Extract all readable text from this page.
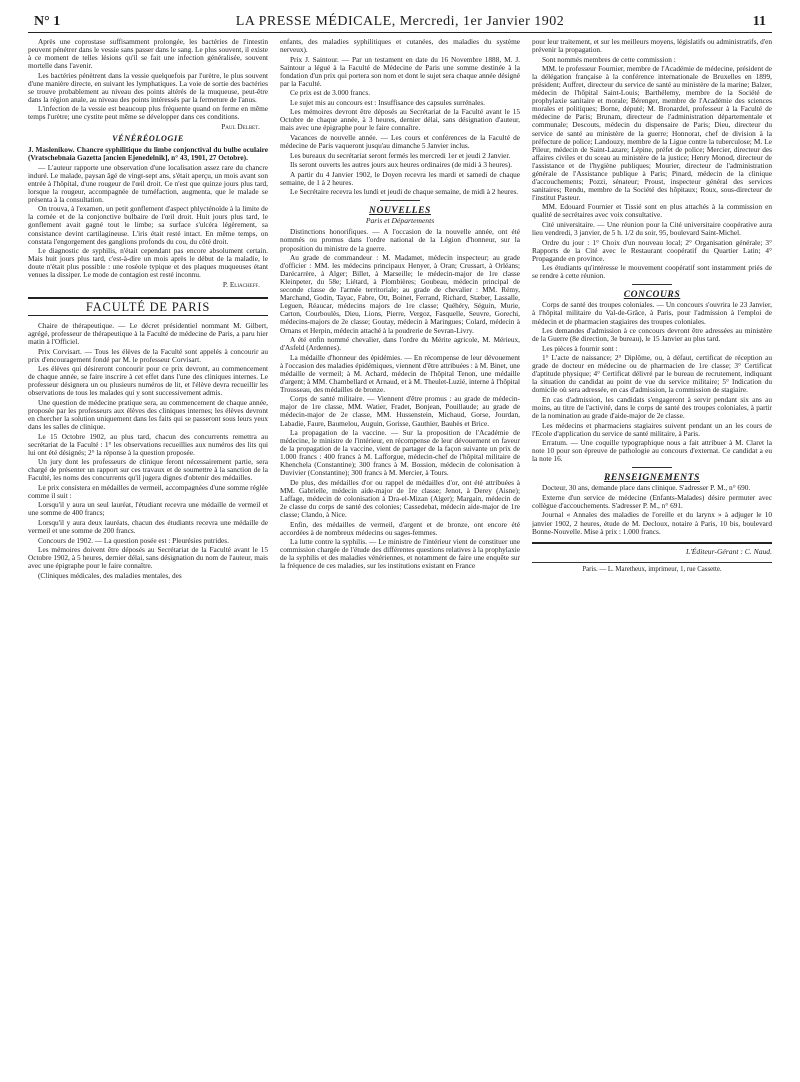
N° 1	LA PRESSE MÉDICALE, Mercredi, 1er Janvier 1902	11

Après une coprostase suffisamment prolongée, les bactéries de l'intestin peuvent pénétrer dans le vessie sans passer dans le sang. Le plus souvent, il existe à ce moment de telles lésions qu'il se fait une infection généralisée, souvent mortelle dans l'avenir.

Les bactéries pénètrent dans la vessie quelquefois par l'urètre, le plus souvent d'une manière directe, en suivant les lymphatiques. La voie de sortie des bactéries se trouve probablement au niveau des points altérés de la muqueuse, peut-être dans la région anale, au niveau des points intéressés par la fermeture de l'anus.

L'infection de la vessie est beaucoup plus fréquente quand on ferme en même temps l'urètre; une cystite peut même se développer dans ces conditions.

Paul Delbet.
VÉNÉRÉOLOGIE

J. Maslenikow. Chancre syphilitique du limbe conjonctival du bulbe oculaire (Vratschebnaia Gazetta [ancien Ejenedelnik], n° 43, 1901, 27 Octobre).

— L'auteur rapporte une observation d'une localisation assez rare du chancre induré. Le malade, paysan âgé de vingt-sept ans, s'était aperçu, un mois avant son entrée à l'hôpital, d'une rougeur de l'œil droit. Ce n'est que quinze jours plus tard, lorsque la rougeur, accompagnée de tuméfaction, augmenta, que le malade se présenta à la consultation.

On trouva, à l'examen, un petit gonflement d'aspect phlycténoïde à la limite de la cornée et de la conjonctive bulbaire de l'œil droit. Huit jours plus tard, le gonflement avait gagné tout le limbe; sa surface s'ulcéra légèrement, sa consistance devint cartilagineuse. L'iris était resté intact. En même temps, on constata l'engorgement des ganglions profonds du cou, du côté droit.

Le diagnostic de syphilis, n'était cependant pas encore absolument certain. Mais huit jours plus tard, c'est-à-dire un mois après le début de la maladie, le doute n'était plus possible : une roséole typique et des plaques muqueuses étant venues la dissiper. Le mode de contagion est resté inconnu.

P. Eliacheff.
FACULTÉ DE PARIS

Chaire de thérapeutique. — Le décret présidentiel nommant M. Gilbert, agrégé, professeur de thérapeutique à la Faculté de médecine de Paris, a paru hier matin à l'Officiel.

Prix Corvisart. — Tous les élèves de la Faculté sont appelés à concourir au prix d'encouragement fondé par M. le professeur Corvisart.

Les élèves qui désireront concourir pour ce prix devront, au commencement de chaque année, se faire inscrire à cet effet dans l'une des cliniques internes. Le professeur désignera un ou plusieurs numéros de lit, et l'élève devra recueillir les observations de tous les malades qui y sont successivement admis.

Une question de médecine pratique sera, au commencement de chaque année, proposée par les professeurs aux élèves des cliniques internes; les élèves devront en chercher la solution uniquement dans les faits qui se passeront sous leurs yeux dans les salles de clinique.

Le 15 Octobre 1902, au plus tard, chacun des concurrents remettra au secrétariat de la Faculté : 1° les observations recueillies aux numéros des lits qui lui ont été désignés; 2° la réponse à la question proposée.

Un jury dont les professeurs de clinique feront nécessairement partie, sera chargé de présenter un rapport sur ces travaux et de soumettre à la sanction de la Faculté, les noms des concurrents qu'il jugera dignes d'obtenir des médailles.

Le prix consistera en médailles de vermeil, accompagnées d'une somme réglée comme il suit :

Lorsqu'il y aura un seul lauréat, l'étudiant recevra une médaille de vermeil et une somme de 400 francs;

Lorsqu'il y aura deux lauréats, chacun des étudiants recevra une médaille de vermeil et une somme de 200 francs.

Concours de 1902. — La question posée est : Pleurésies putrides.

Les mémoires doivent être déposés au Secrétariat de la Faculté avant le 15 Octobre 1902, à 5 heures, dernier délai, sans désignation du nom de l'auteur, mais avec une épigraphe pour le faire connaître.

(Cliniques médicales, des maladies mentales, des

enfants, des maladies syphilitiques et cutanées, des maladies du système nerveux).

Prix J. Saintour. — Par un testament en date du 16 Novembre 1888, M. J. Saintour a légué à la Faculté de Médecine de Paris une somme destinée à la fondation d'un prix qui portera son nom et dont le sujet sera chaque année désigné par la Faculté.

Ce prix est de 3.000 francs.

Le sujet mis au concours est : Insuffisance des capsules surrénales.

Les mémoires devront être déposés au Secrétariat de la Faculté avant le 15 Octobre de chaque année, à 3 heures, dernier délai, sans désignation d'auteur, mais avec une épigraphe pour le faire connaître.

Vacances de nouvelle année. — Les cours et conférences de la Faculté de médecine de Paris vaqueront jusqu'au dimanche 5 Janvier inclus.

Les bureaux du secrétariat seront fermés les mercredi 1er et jeudi 2 Janvier.

Ils seront ouverts les autres jours aux heures ordinaires (de midi à 3 heures).

A partir du 4 Janvier 1902, le Doyen recevra les mardi et samedi de chaque semaine, de 1 à 2 heures.

Le Secrétaire recevra les lundi et jeudi de chaque semaine, de midi à 2 heures.

NOUVELLES
Paris et Départements

Distinctions honorifiques. — A l'occasion de la nouvelle année, ont été nommés ou promus dans l'ordre national de la Légion d'honneur, sur la proposition du ministre de la guerre.

Au grade de commandeur : M. Madamet, médecin inspecteur; au grade d'officier : MM. les médecins principaux Henyer, à Oran; Crussart, à Orléans; Darécarrère, à Alger; Billet, à Marseille; le médecin-major de 1re classe Kleinpeter, du 58e; Liétard, à Plombières; Goubeau, médecin principal de seconde classe de l'armée territoriale; au grade de chevalier : MM. Rémy, Marchand, Godin, Tayac, Fabre, Ott, Boinet, Ferrand, Richard, Stæber, Lassalle, Leguen, Réaucar, médecins majors de 1re classe; Quéhéry, Séguin, Murie, Carton, Courboulès, Dieu, Lions, Pierre, Vergoz, Fasquelle, Seuvre, Gorechi, médecins-majors de 2e classe; Goutay, médecin à Maringues; Colard, médecin à Ornans et Herpin, médecin attaché à la poudrerie de Sevran-Livry.

A été enfin nommé chevalier, dans l'ordre du Mérite agricole, M. Mérieux, d'Asfeld (Ardennes).

La médaille d'honneur des épidémies. — En récompense de leur dévouement à l'occasion des maladies épidémiques, viennent d'être attribuées : à M. Binet, une médaille de vermeil; à M. Achard, médecin de l'hôpital Tenon, une médaille d'argent; à MM. Chambellard et Arnaud, et à M. Theulet-Luzié, interne à l'hôpital Trousseau, des médailles de bronze.

Corps de santé militaire. — Viennent d'être promus : au grade de médecin-major de 1re classe, MM. Watier, Fradet, Bonjean, Pouillaude; au grade de médecin-major de 2e classe, MM. Hussenstein, Michaud, Gorse, Jourdan, Labadie, Faure, Baumelou, Auguin, Gorisse, Gauthier, Bauhès et Brice.

La propagation de la vaccine. — Sur la proposition de l'Académie de médecine, le ministre de l'intérieur, en récompense de leur dévouement en faveur de la propagation de la vaccine, vient de partager de la façon suivante un prix de 1.000 francs : 400 francs à M. Lafforgue, médecin-chef de l'hôpital militaire de Khenchela (Constantine); 300 francs à M. Bossion, médecin de colonisation à Duvivier (Constantine); 300 francs à M. Mercier, à Tours.

De plus, des médailles d'or ou rappel de médailles d'or, ont été attribuées à MM. Gabrielle, médecin aide-major de 1re classe; Jenot, à Derey (Aisne); Laffage, médecin de colonisation à Dra-el-Mizan (Alger); Margain, médecin de 2e classe du corps de santé des colonies; Cassedebat, médecin aide-major de 1re classe; Clando, à Nice.

Enfin, des médailles de vermeil, d'argent et de bronze, ont encore été accordées à de nombreux médecins ou sages-femmes.

La lutte contre la syphilis. — Le ministre de l'intérieur vient de constituer une commission chargée de l'étude des différentes questions relatives à la prophylaxie de la syphilis et des maladies vénériennes, et notamment de faire une enquête sur la fréquence de ces maladies, sur les institutions existant en France

pour leur traitement, et sur les meilleurs moyens, législatifs ou administratifs, d'en prévenir la propagation.

Sont nommés membres de cette commission :

MM. le professeur Fournier, membre de l'Académie de médecine, président de la délégation française à la conférence internationale de Bruxelles en 1899, président; Auffret, directeur du service de santé au ministère de la marine; Balzer, médecin de l'hôpital Saint-Louis; Barthélemy, membre de la Société de prophylaxie sanitaire et morale; Bérenger, membre de l'Académie des sciences morales et politiques; Borne, député; M. Bronardel, professeur à la Faculté de médecine de Paris; Brunam, directeur de l'administration départementale et communale; Descouts, médecin du dispensaire de Paris; Dieu, directeur du service de santé au ministère de la guerre; Honnorat, chef de division à la préfecture de police; Landouzy, membre de la Ligue contre la tuberculose; M. Le Pileur, médecin de Saint-Lazare; Lépine, préfet de police; Mercier, directeur des affaires civiles et du sceau au ministère de la justice; Henry Monod, directeur de l'assistance et de l'hygiène publiques; Mourier, directeur de l'administration générale de l'Assistance publique à Paris; Pinard, médecin de la clinique d'accouchements; Pozzi, sénateur; Proust, inspecteur général des services sanitaires; Rendu, membre de la Société des hôpitaux; Roux, sous-directeur de l'institut Pasteur.

MM. Edouard Fournier et Tissié sont en plus attachés à la commission en qualité de secrétaires avec voix consultative.

Cité universitaire. — Une réunion pour la Cité universitaire coopérative aura lieu vendredi, 3 janvier, de 5 h. 1/2 du soir, 95, boulevard Saint-Michel.

Ordre du jour : 1° Choix d'un nouveau local; 2° Organisation générale; 3° Rapports de la Cité avec le Restaurant coopératif du Quartier Latin; 4° Propagande en province.

Les étudiants qu'intéresse le mouvement coopératif sont instamment priés de se rendre à cette réunion.

CONCOURS

Corps de santé des troupes coloniales. — Un concours s'ouvrira le 23 Janvier, à l'hôpital militaire du Val-de-Grâce, à Paris, pour l'admission à l'emploi de médecin et de pharmacien stagiaires des troupes coloniales.

Les demandes d'admission à ce concours devront être adressées au ministère de la Guerre (8e direction, 3e bureau), le 15 Janvier au plus tard.

Les pièces à fournir sont :

1° L'acte de naissance; 2° Diplôme, ou, à défaut, certificat de réception au grade de docteur en médecine ou de pharmacien de 1re classe; 3° Certificat d'aptitude physique; 4° Certificat délivré par le bureau de recrutement, indiquant la situation du candidat au point de vue du service militaire; 5° Indication du domicile où sera adressée, en cas d'admission, la commission de stagiaire.

En cas d'admission, les candidats s'engageront à servir pendant six ans au moins, au titre de l'activité, dans le corps de santé des troupes coloniales, à partir de la nomination au grade d'aide-major de 2e classe.

Les médecins et pharmaciens stagiaires suivent pendant un an les cours de l'Ecole d'application du service de santé militaire, à Paris.

Erratum. — Une coquille typographique nous a fait attribuer à M. Claret la note 10 pour son épreuve de pathologie au concours d'externat. Ce candidat a eu la note 16.

RENSEIGNEMENTS

Docteur, 30 ans, demande place dans clinique. S'adresser P. M., n° 690.

Externe d'un service de médecine (Enfants-Malades) désire permuter avec collègue d'accouchements. S'adresser P. M., n° 691.

Journal « Annales des maladies de l'oreille et du larynx » à adjuger le 10 janvier 1902, 2 heures, étude de M. Decloux, notaire à Paris, 10 bis, boulevard Bonne-Nouvelle. Mise à prix : 1.000 francs.

L'Éditeur-Gérant : C. Naud.
Paris. — L. Maretheux, imprimeur, 1, rue Cassette.
